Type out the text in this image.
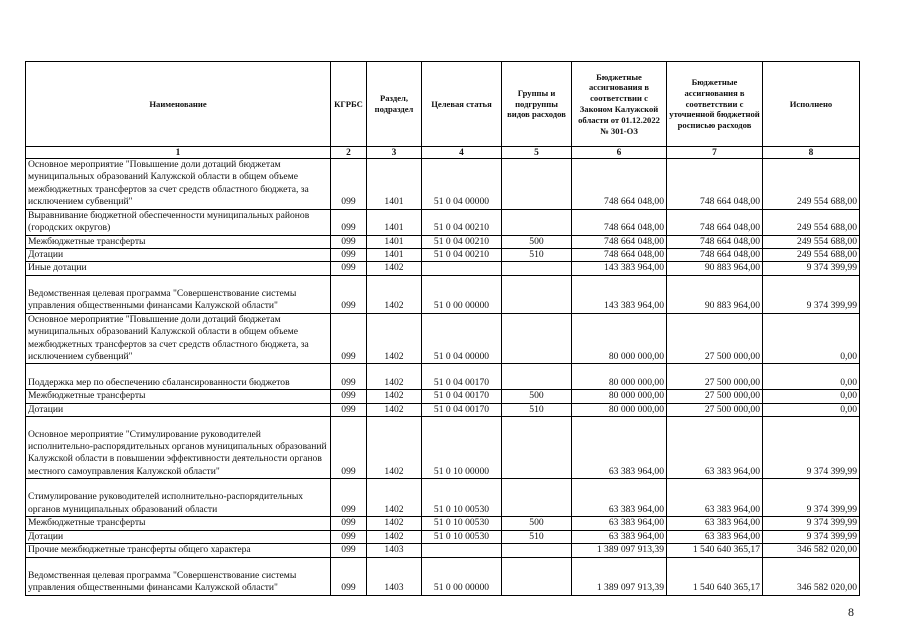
Наименование	КГРБС	Раздел, подраздел	Целевая статья	Группы и подгруппы видов расходов	Бюджетные ассигнования в соответствии с Законом Калужской области от 01.12.2022 № 301-ОЗ	Бюджетные ассигнования в соответствии с уточненной бюджетной росписью расходов	Исполнено
1	2	3	4	5	6	7	8
Основное мероприятие "Повышение доли дотаций бюджетам муниципальных образований Калужской области в общем объеме межбюджетных трансфертов за счет средств областного бюджета, за исключением субвенций"	099	1401	51 0 04 00000		748 664 048,00	748 664 048,00	249 554 688,00
Выравнивание бюджетной обеспеченности муниципальных районов (городских округов)	099	1401	51 0 04 00210		748 664 048,00	748 664 048,00	249 554 688,00
Межбюджетные трансферты	099	1401	51 0 04 00210	500	748 664 048,00	748 664 048,00	249 554 688,00
Дотации	099	1401	51 0 04 00210	510	748 664 048,00	748 664 048,00	249 554 688,00
Иные дотации	099	1402			143 383 964,00	90 883 964,00	9 374 399,99
Ведомственная целевая программа "Совершенствование системы управления общественными финансами Калужской области"	099	1402	51 0 00 00000		143 383 964,00	90 883 964,00	9 374 399,99
Основное мероприятие "Повышение доли дотаций бюджетам муниципальных образований Калужской области в общем объеме межбюджетных трансфертов за счет средств областного бюджета, за исключением субвенций"	099	1402	51 0 04 00000		80 000 000,00	27 500 000,00	0,00
Поддержка мер по обеспечению сбалансированности бюджетов	099	1402	51 0 04 00170		80 000 000,00	27 500 000,00	0,00
Межбюджетные трансферты	099	1402	51 0 04 00170	500	80 000 000,00	27 500 000,00	0,00
Дотации	099	1402	51 0 04 00170	510	80 000 000,00	27 500 000,00	0,00
Основное мероприятие "Стимулирование руководителей исполнительно-распорядительных органов муниципальных образований Калужской области в повышении эффективности деятельности органов местного самоуправления Калужской области"	099	1402	51 0 10 00000		63 383 964,00	63 383 964,00	9 374 399,99
Стимулирование руководителей исполнительно-распорядительных органов муниципальных образований области	099	1402	51 0 10 00530		63 383 964,00	63 383 964,00	9 374 399,99
Межбюджетные трансферты	099	1402	51 0 10 00530	500	63 383 964,00	63 383 964,00	9 374 399,99
Дотации	099	1402	51 0 10 00530	510	63 383 964,00	63 383 964,00	9 374 399,99
Прочие межбюджетные трансферты общего характера	099	1403			1 389 097 913,39	1 540 640 365,17	346 582 020,00
Ведомственная целевая программа "Совершенствование системы управления общественными финансами Калужской области"	099	1403	51 0 00 00000		1 389 097 913,39	1 540 640 365,17	346 582 020,00
8
